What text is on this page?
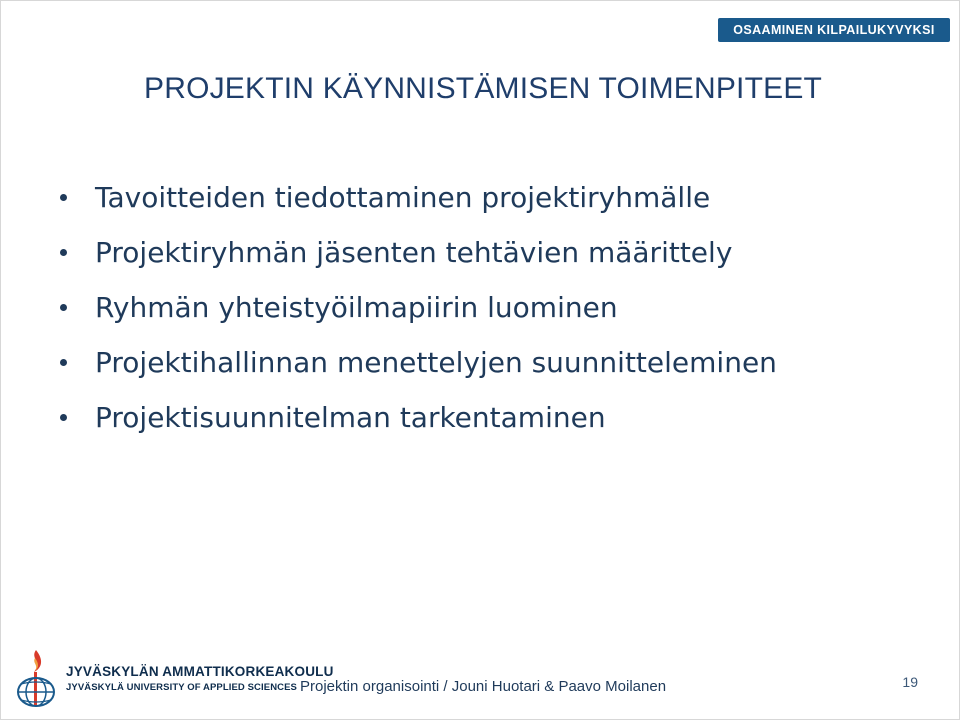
OSAAMINEN KILPAILUKYVYKSI
PROJEKTIN KÄYNNISTÄMISEN TOIMENPITEET
Tavoitteiden tiedottaminen projektiryhmälle
Projektiryhmän jäsenten tehtävien määrittely
Ryhmän yhteistyöilmapiirin luominen
Projektihallinnan menettelyjen suunnitteleminen
Projektisuunnitelman tarkentaminen
JYVÄSKYLÄN AMMATTIKORKEAKOULU
JYVÄSKYLÄ UNIVERSITY OF APPLIED SCIENCES Projektin organisointi / Jouni Huotari & Paavo Moilanen	19
